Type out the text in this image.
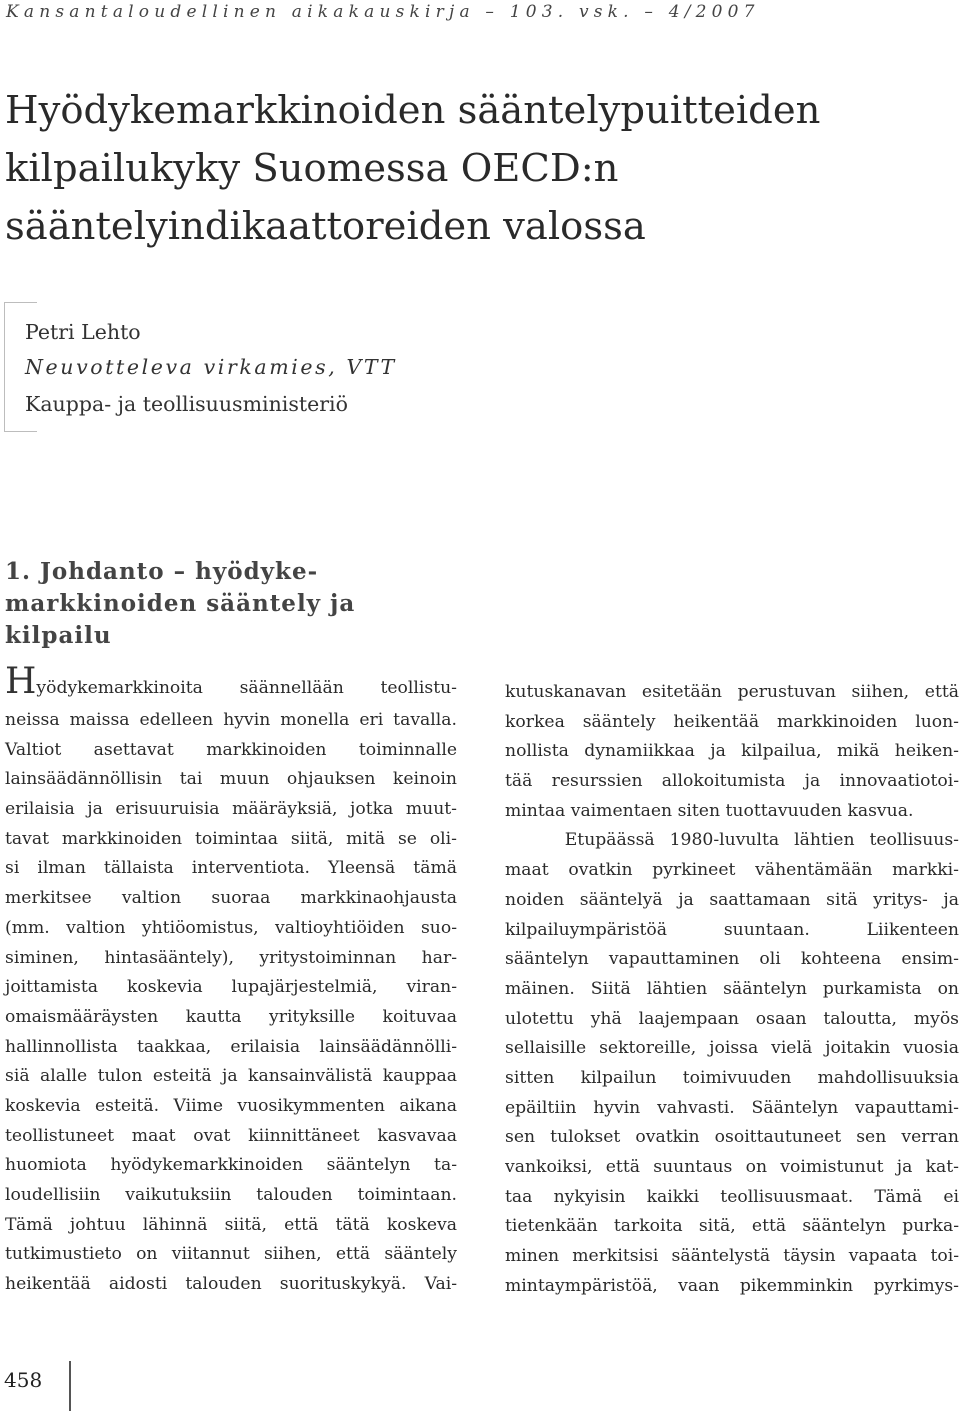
Kansantaloudellinen aikakauskirja – 103. vsk. – 4/2007
Hyödykemarkkinoiden sääntelypuitteiden
kilpailukyky Suomessa OECD:n
sääntelyindikaattoreiden valossa
Petri Lehto
Neuvotteleva virkamies, VTT
Kauppa- ja teollisuusministeriö
1. Johdanto – hyödyke-
markkinoiden sääntely ja
kilpailu
Hyödykemarkkinoita säännellään teollistu-
neissa maissa edelleen hyvin monella eri tavalla.
Valtiot asettavat markkinoiden toiminnalle
lainsäädännöllisin tai muun ohjauksen keinoin
erilaisia ja erisuuruisia määräyksiä, jotka muut-
tavat markkinoiden toimintaa siitä, mitä se oli-
si ilman tällaista interventiota. Yleensä tämä
merkitsee valtion suoraa markkinaohjausta
(mm. valtion yhtiöomistus, valtioyhtiöiden suo-
siminen, hintasääntely), yritystoiminnan har-
joittamista koskevia lupajärjestelmiä, viran-
omaismääräysten kautta yrityksille koituvaa
hallinnollista taakkaa, erilaisia lainsäädännölli-
siä alalle tulon esteitä ja kansainvälistä kauppaa
koskevia esteitä. Viime vuosikymmenten aikana
teollistuneet maat ovat kiinnittäneet kasvavaa
huomiota hyödykemarkkinoiden sääntelyn ta-
loudellisiin vaikutuksiin talouden toimintaan.
Tämä johtuu lähinnä siitä, että tätä koskeva
tutkimustieto on viitannut siihen, että sääntely
heikentää aidosti talouden suorituskykyä. Vai-
kutuskanavan esitetään perustuvan siihen, että
korkea sääntely heikentää markkinoiden luon-
nollista dynamiikkaa ja kilpailua, mikä heiken-
tää resurssien allokoitumista ja innovaatiotoi-
mintaa vaimentaen siten tuottavuuden kasvua.
Etupäässä 1980-luvulta lähtien teollisuus-
maat ovatkin pyrkineet vähentämään markki-
noiden sääntelyä ja saattamaan sitä yritys- ja
kilpailuympäristöä suuntaan. Liikenteen
sääntelyn vapauttaminen oli kohteena ensim-
mäinen. Siitä lähtien sääntelyn purkamista on
ulotettu yhä laajempaan osaan taloutta, myös
sellaisille sektoreille, joissa vielä joitakin vuosia
sitten kilpailun toimivuuden mahdollisuuksia
epäiltiin hyvin vahvasti. Sääntelyn vapauttami-
sen tulokset ovatkin osoittautuneet sen verran
vankoiksi, että suuntaus on voimistunut ja kat-
taa nykyisin kaikki teollisuusmaat. Tämä ei
tietenkään tarkoita sitä, että sääntelyn purka-
minen merkitsisi sääntelystä täysin vapaata toi-
mintaympäristöä, vaan pikemminkin pyrkimys-
458
